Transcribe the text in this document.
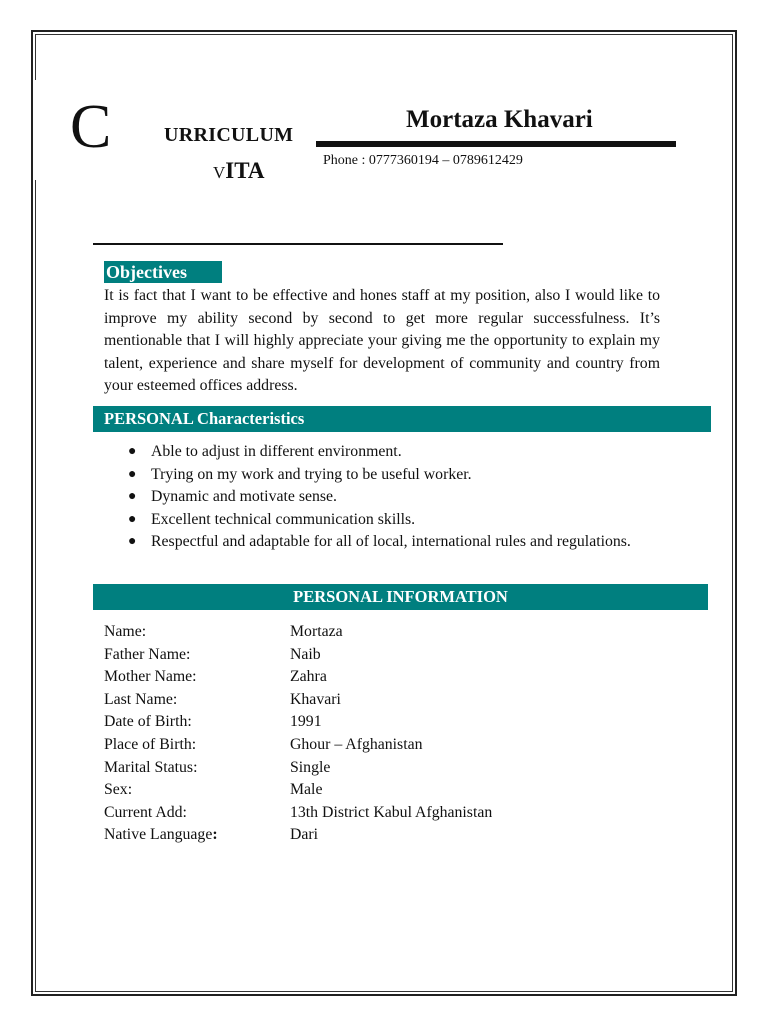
C	URRICULUM
VITA
Mortaza Khavari
Phone : 0777360194 – 0789612429
Objectives
It is fact that I want to be effective and hones staff at my position, also I would like to improve my ability second by second to get more regular successfulness. It’s mentionable that I will highly appreciate your giving me the opportunity to explain my talent, experience and share myself for development of community and country from your esteemed offices address.
PERSONAL Characteristics
● Able to adjust in different environment.
● Trying on my work and trying to be useful worker.
● Dynamic and motivate sense.
● Excellent technical communication skills.
● Respectful and adaptable for all of local, international rules and regulations.
PERSONAL INFORMATION
Name:	Mortaza
Father Name:	Naib
Mother Name:	Zahra
Last Name:	Khavari
Date of Birth:	1991
Place of Birth:	Ghour – Afghanistan
Marital Status:	Single
Sex:	Male
Current Add:	13th District Kabul Afghanistan
Native Language:	Dari
